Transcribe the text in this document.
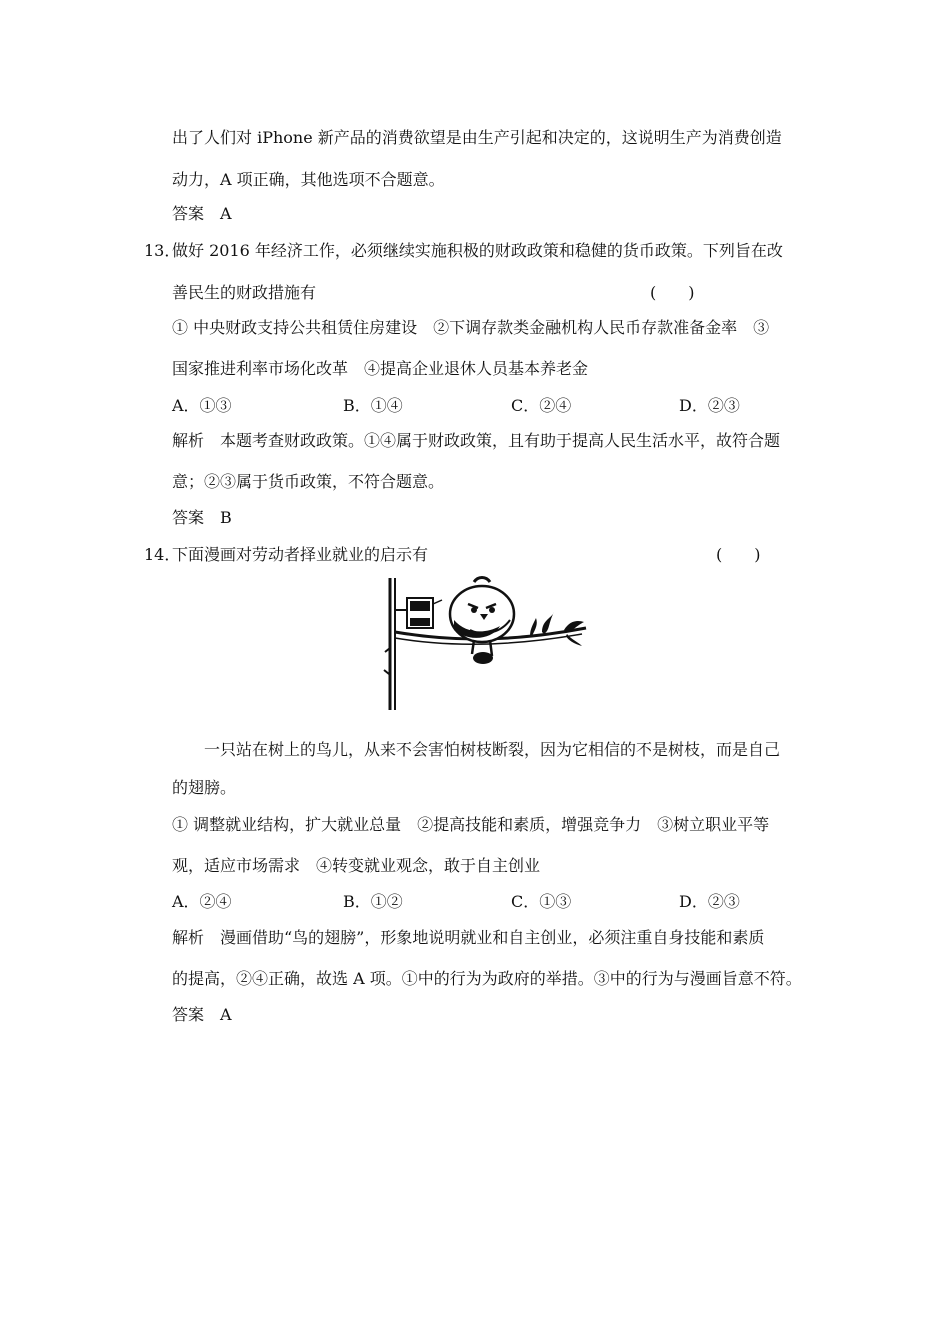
出了人们对 iPhone 新产品的消费欲望是由生产引起和决定的，这说明生产为消费创造
动力，A 项正确，其他选项不合题意。
答案　A
13．
做好 2016 年经济工作，必须继续实施积极的财政政策和稳健的货币政策。下列旨在改
善民生的财政措施有	(　　)
① 中央财政支持公共租赁住房建设　②下调存款类金融机构人民币存款准备金率　③
国家推进利率市场化改革　④提高企业退休人员基本养老金
A．①③	B．①④	C．②④	D．②③
解析　本题考查财政政策。①④属于财政政策，且有助于提高人民生活水平，故符合题
意；②③属于货币政策，不符合题意。
答案　B
14．
下面漫画对劳动者择业就业的启示有	(　　)
一只站在树上的鸟儿，从来不会害怕树枝断裂，因为它相信的不是树枝，而是自己
的翅膀。
① 调整就业结构，扩大就业总量　②提高技能和素质，增强竞争力　③树立职业平等
观，适应市场需求　④转变就业观念，敢于自主创业
A．②④	B．①②	C．①③	D．②③
解析　漫画借助“鸟的翅膀”，形象地说明就业和自主创业，必须注重自身技能和素质
的提高，②④正确，故选 A 项。①中的行为为政府的举措。③中的行为与漫画旨意不符。
答案　A
